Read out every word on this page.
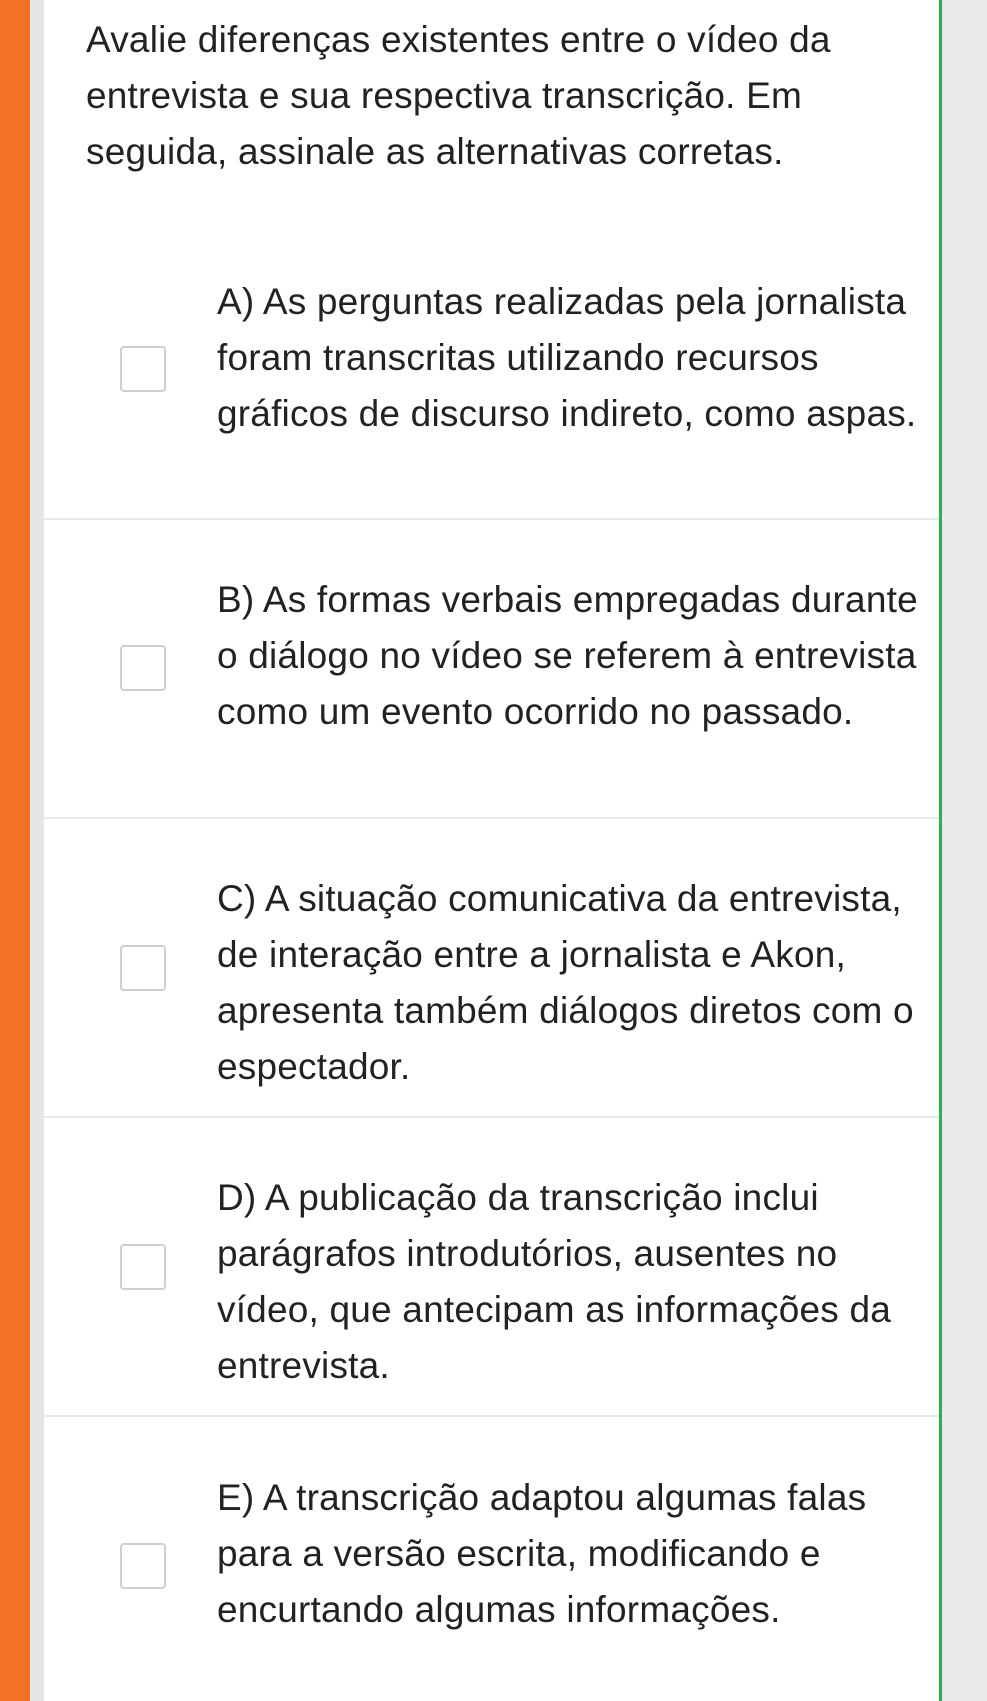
Avalie diferenças existentes entre o vídeo da entrevista e sua respectiva transcrição. Em seguida, assinale as alternativas corretas.

A) As perguntas realizadas pela jornalista foram transcritas utilizando recursos gráficos de discurso indireto, como aspas.

B) As formas verbais empregadas durante o diálogo no vídeo se referem à entrevista como um evento ocorrido no passado.

C) A situação comunicativa da entrevista, de interação entre a jornalista e Akon, apresenta também diálogos diretos com o espectador.

D) A publicação da transcrição inclui parágrafos introdutórios, ausentes no vídeo, que antecipam as informações da entrevista.

E) A transcrição adaptou algumas falas para a versão escrita, modificando e encurtando algumas informações.
